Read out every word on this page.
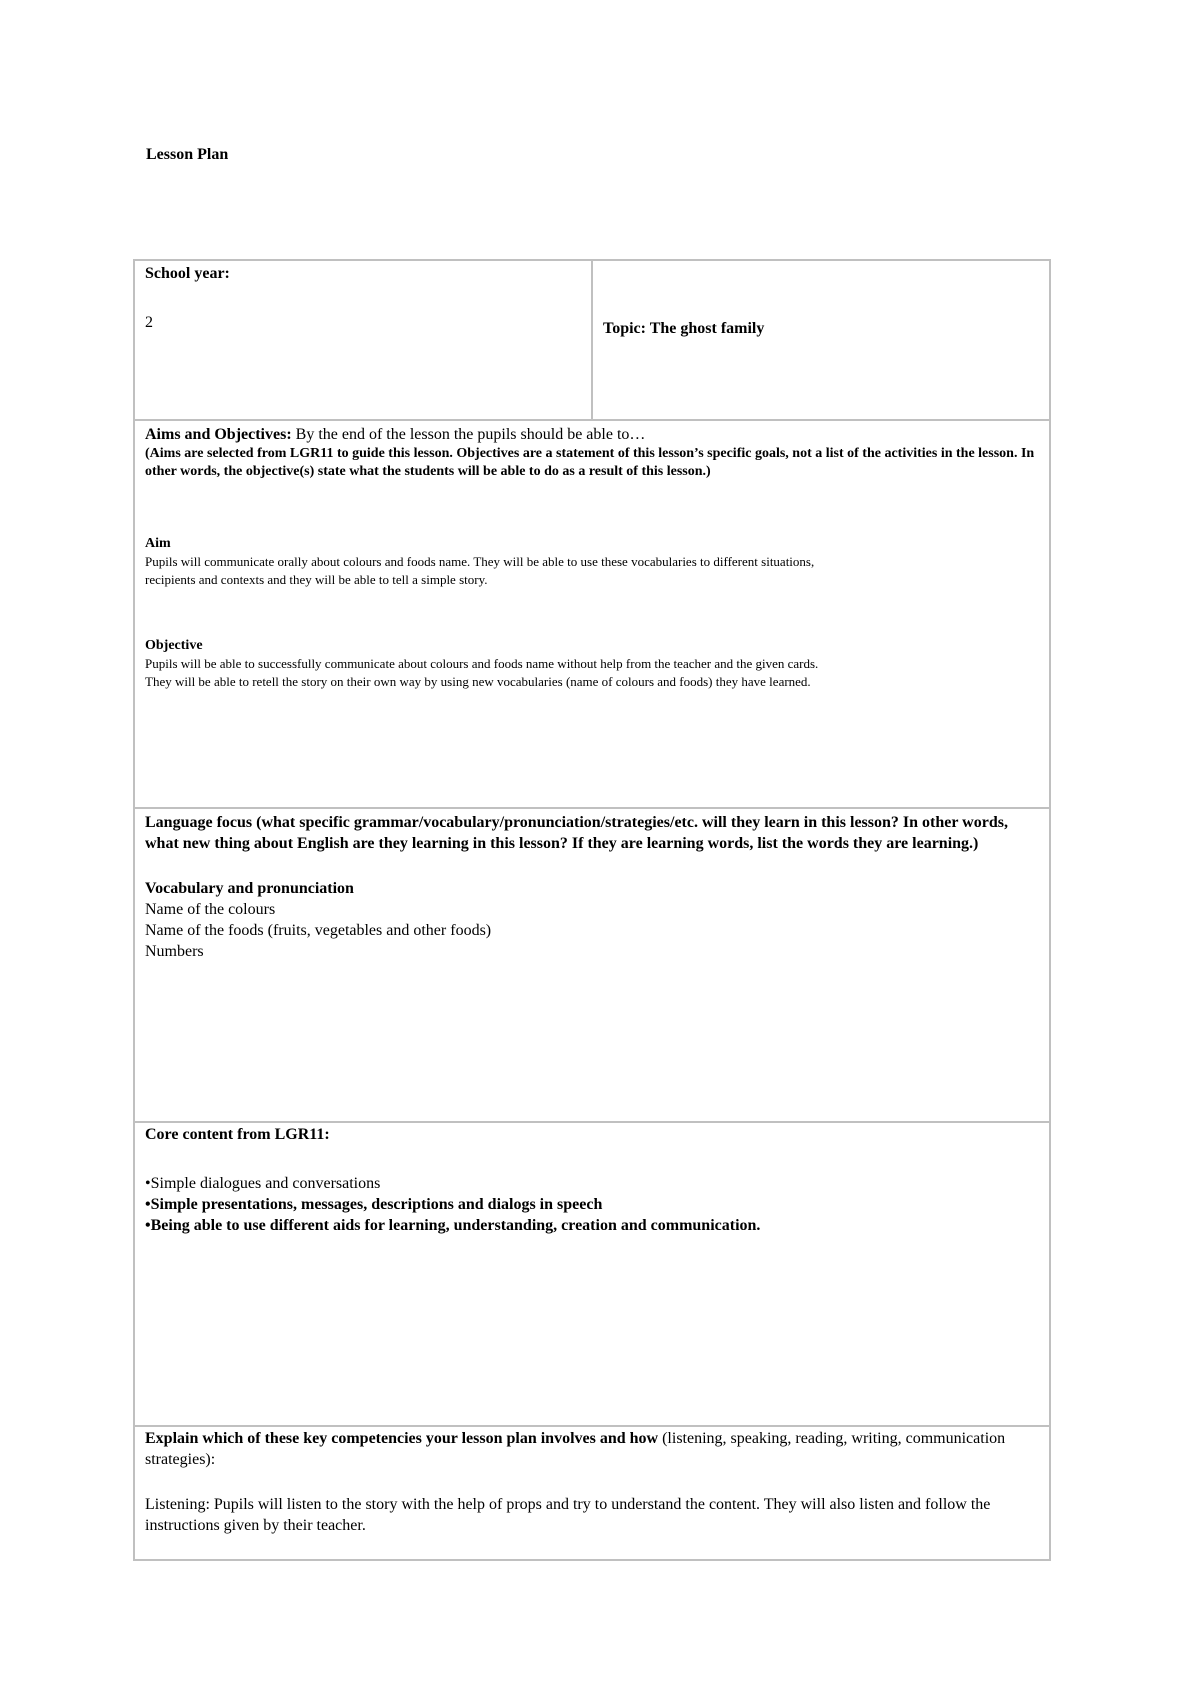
Lesson Plan
School year:
2	Topic: The ghost family

Aims and Objectives: By the end of the lesson the pupils should be able to…
(Aims are selected from LGR11 to guide this lesson. Objectives are a statement of this lesson’s specific goals, not a list of the activities in the lesson. In other words, the objective(s) state what the students will be able to do as a result of this lesson.)
Aim
Pupils will communicate orally about colours and foods name. They will be able to use these vocabularies to different situations,
recipients and contexts and they will be able to tell a simple story.
Objective
Pupils will be able to successfully communicate about colours and foods name without help from the teacher and the given cards.
They will be able to retell the story on their own way by using new vocabularies (name of colours and foods) they have learned.

Language focus (what specific grammar/vocabulary/pronunciation/strategies/etc. will they learn in this lesson? In other words, what new thing about English are they learning in this lesson? If they are learning words, list the words they are learning.)
Vocabulary and pronunciation
Name of the colours
Name of the foods (fruits, vegetables and other foods)
Numbers

Core content from LGR11:
•Simple dialogues and conversations
•Simple presentations, messages, descriptions and dialogs in speech
•Being able to use different aids for learning, understanding, creation and communication.

Explain which of these key competencies your lesson plan involves and how (listening, speaking, reading, writing, communication strategies):
Listening: Pupils will listen to the story with the help of props and try to understand the content. They will also listen and follow the instructions given by their teacher.
